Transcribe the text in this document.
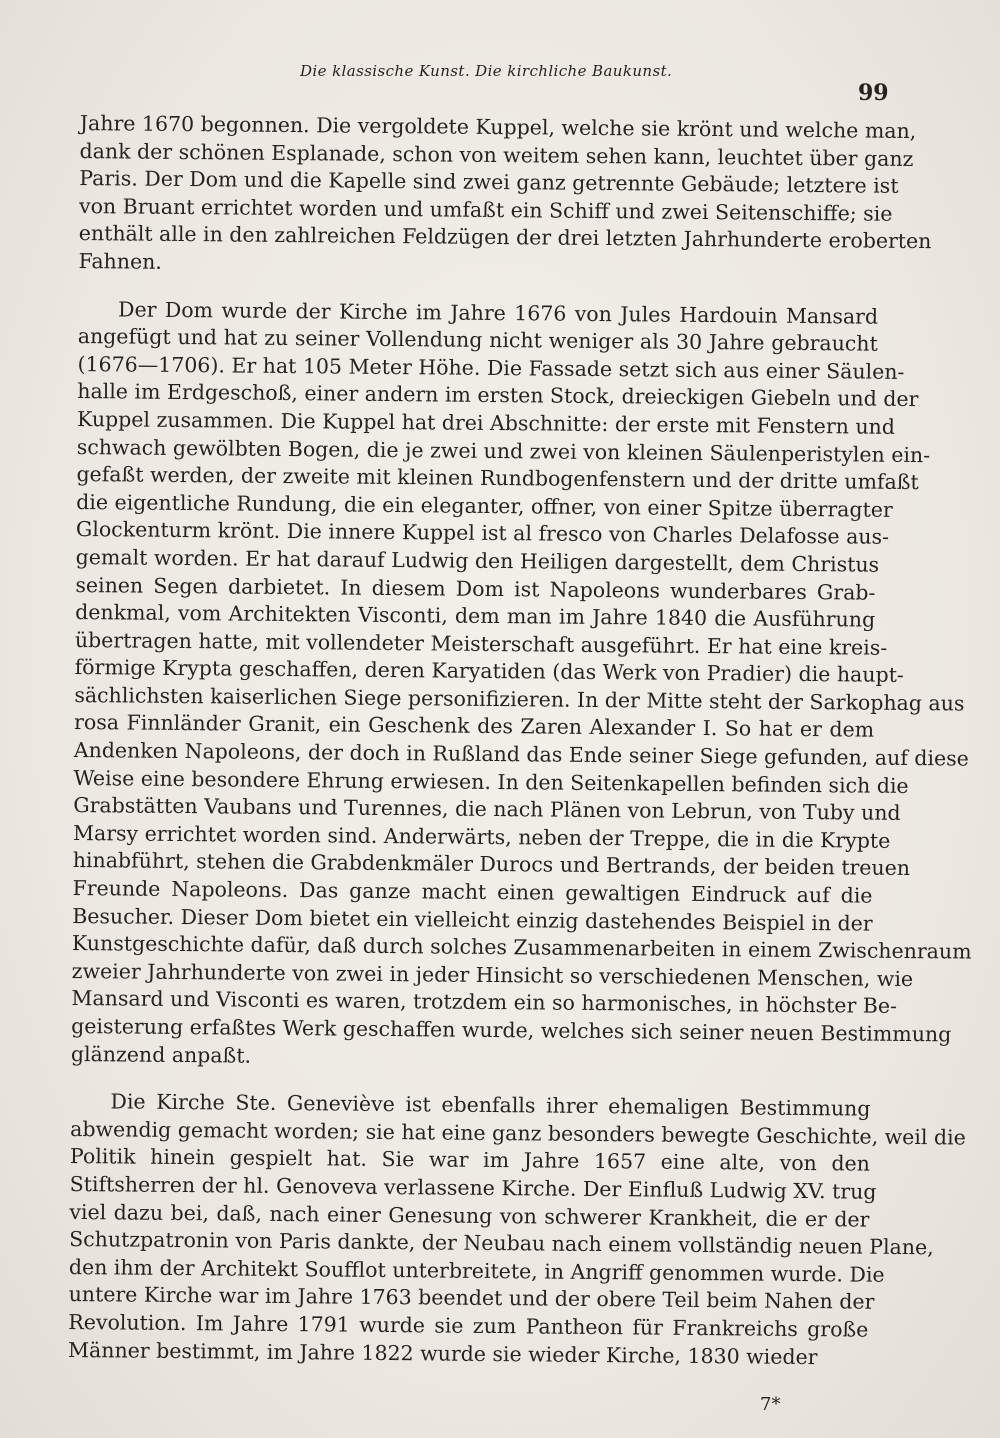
Die klassische Kunst. Die kirchliche Baukunst.
99
Jahre 1670 begonnen. Die vergoldete Kuppel, welche sie krönt und welche man,
dank der schönen Esplanade, schon von weitem sehen kann, leuchtet über ganz
Paris. Der Dom und die Kapelle sind zwei ganz getrennte Gebäude; letztere ist
von Bruant errichtet worden und umfaßt ein Schiff und zwei Seitenschiffe; sie
enthält alle in den zahlreichen Feldzügen der drei letzten Jahrhunderte eroberten
Fahnen.
Der Dom wurde der Kirche im Jahre 1676 von Jules Hardouin Mansard
angefügt und hat zu seiner Vollendung nicht weniger als 30 Jahre gebraucht
(1676—1706). Er hat 105 Meter Höhe. Die Fassade setzt sich aus einer Säulen-
halle im Erdgeschoß, einer andern im ersten Stock, dreieckigen Giebeln und der
Kuppel zusammen. Die Kuppel hat drei Abschnitte: der erste mit Fenstern und
schwach gewölbten Bogen, die je zwei und zwei von kleinen Säulenperistylen ein-
gefaßt werden, der zweite mit kleinen Rundbogenfenstern und der dritte umfaßt
die eigentliche Rundung, die ein eleganter, offner, von einer Spitze überragter
Glockenturm krönt. Die innere Kuppel ist al fresco von Charles Delafosse aus-
gemalt worden. Er hat darauf Ludwig den Heiligen dargestellt, dem Christus
seinen Segen darbietet. In diesem Dom ist Napoleons wunderbares Grab-
denkmal, vom Architekten Visconti, dem man im Jahre 1840 die Ausführung
übertragen hatte, mit vollendeter Meisterschaft ausgeführt. Er hat eine kreis-
förmige Krypta geschaffen, deren Karyatiden (das Werk von Pradier) die haupt-
sächlichsten kaiserlichen Siege personifizieren. In der Mitte steht der Sarkophag aus
rosa Finnländer Granit, ein Geschenk des Zaren Alexander I. So hat er dem
Andenken Napoleons, der doch in Rußland das Ende seiner Siege gefunden, auf diese
Weise eine besondere Ehrung erwiesen. In den Seitenkapellen befinden sich die
Grabstätten Vaubans und Turennes, die nach Plänen von Lebrun, von Tuby und
Marsy errichtet worden sind. Anderwärts, neben der Treppe, die in die Krypte
hinabführt, stehen die Grabdenkmäler Durocs und Bertrands, der beiden treuen
Freunde Napoleons. Das ganze macht einen gewaltigen Eindruck auf die
Besucher. Dieser Dom bietet ein vielleicht einzig dastehendes Beispiel in der
Kunstgeschichte dafür, daß durch solches Zusammenarbeiten in einem Zwischenraum
zweier Jahrhunderte von zwei in jeder Hinsicht so verschiedenen Menschen, wie
Mansard und Visconti es waren, trotzdem ein so harmonisches, in höchster Be-
geisterung erfaßtes Werk geschaffen wurde, welches sich seiner neuen Bestimmung
glänzend anpaßt.
Die Kirche Ste. Geneviève ist ebenfalls ihrer ehemaligen Bestimmung
abwendig gemacht worden; sie hat eine ganz besonders bewegte Geschichte, weil die
Politik hinein gespielt hat. Sie war im Jahre 1657 eine alte, von den
Stiftsherren der hl. Genoveva verlassene Kirche. Der Einfluß Ludwig XV. trug
viel dazu bei, daß, nach einer Genesung von schwerer Krankheit, die er der
Schutzpatronin von Paris dankte, der Neubau nach einem vollständig neuen Plane,
den ihm der Architekt Soufflot unterbreitete, in Angriff genommen wurde. Die
untere Kirche war im Jahre 1763 beendet und der obere Teil beim Nahen der
Revolution. Im Jahre 1791 wurde sie zum Pantheon für Frankreichs große
Männer bestimmt, im Jahre 1822 wurde sie wieder Kirche, 1830 wieder
7*
